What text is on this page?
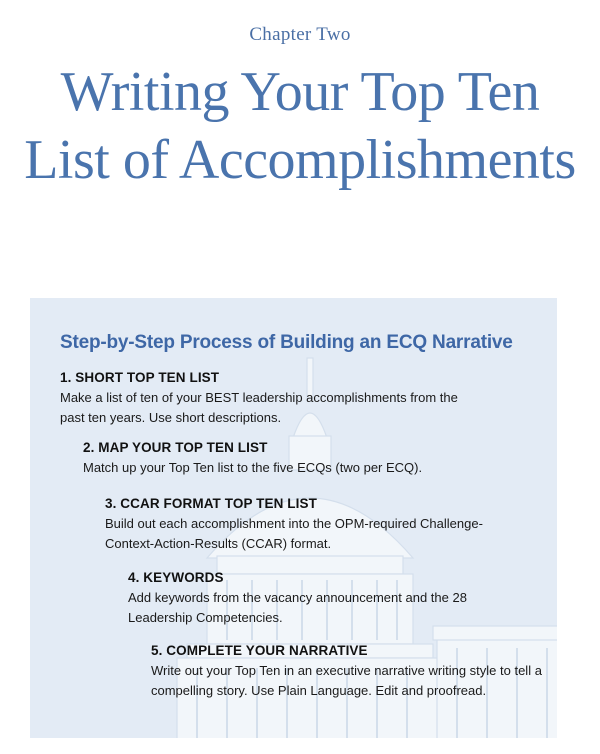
Chapter Two
Writing Your Top Ten
List of Accomplishments
Step-by-Step Process of Building an ECQ Narrative

1. SHORT TOP TEN LIST

Make a list of ten of your BEST leadership accomplishments from the past ten years. Use short descriptions.

2. MAP YOUR TOP TEN LIST

Match up your Top Ten list to the five ECQs (two per ECQ).

3. CCAR FORMAT TOP TEN LIST

Build out each accomplishment into the OPM-required Challenge-Context-Action-Results (CCAR) format.

4. KEYWORDS

Add keywords from the vacancy announcement and the 28 Leadership Competencies.

5. COMPLETE YOUR NARRATIVE

Write out your Top Ten in an executive narrative writing style to tell a compelling story. Use Plain Language. Edit and proofread.
